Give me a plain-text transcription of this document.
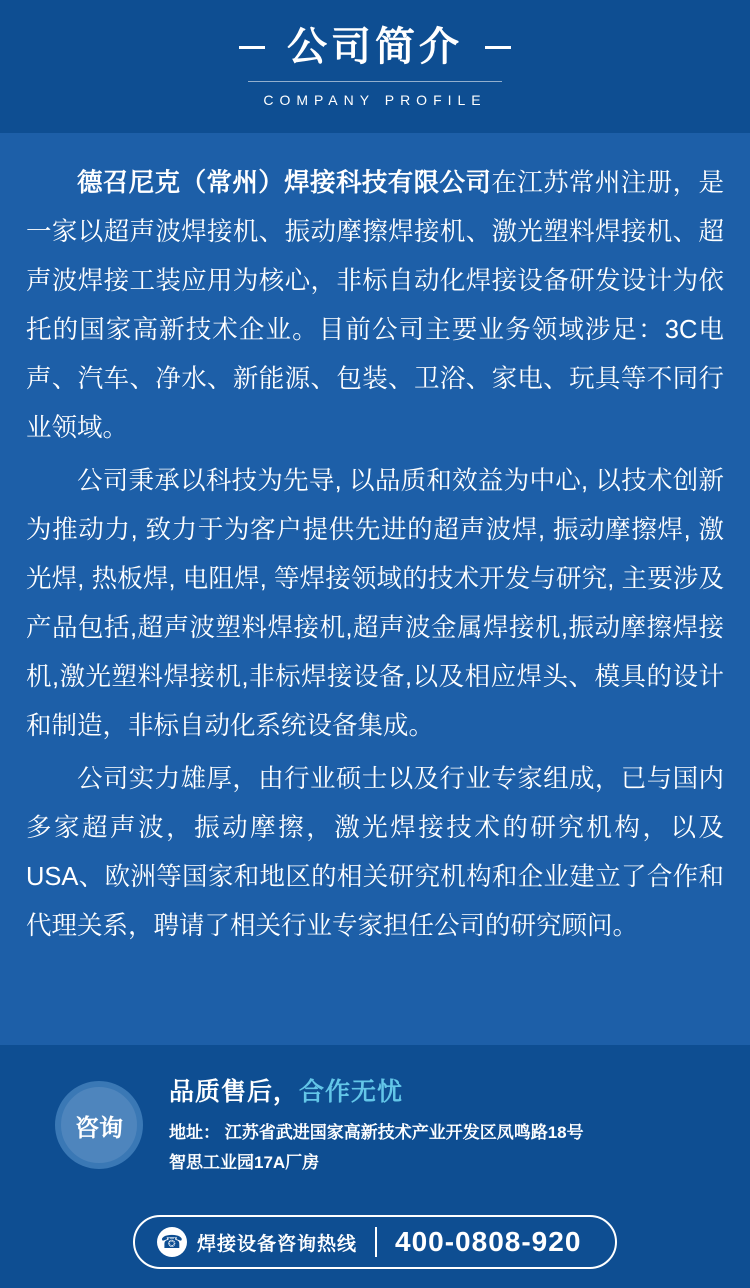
公司简介
COMPANY PROFILE

德召尼克（常州）焊接科技有限公司在江苏常州注册，是一家以超声波焊接机、振动摩擦焊接机、激光塑料焊接机、超声波焊接工装应用为核心，非标自动化焊接设备研发设计为依托的国家高新技术企业。目前公司主要业务领域涉足：3C电声、汽车、净水、新能源、包装、卫浴、家电、玩具等不同行业领域。

公司秉承以科技为先导, 以品质和效益为中心, 以技术创新为推动力, 致力于为客户提供先进的超声波焊, 振动摩擦焊, 激光焊, 热板焊, 电阻焊, 等焊接领域的技术开发与研究, 主要涉及产品包括,超声波塑料焊接机,超声波金属焊接机,振动摩擦焊接机,激光塑料焊接机,非标焊接设备,以及相应焊头、模具的设计和制造，非标自动化系统设备集成。

公司实力雄厚，由行业硕士以及行业专家组成，已与国内多家超声波，振动摩擦，激光焊接技术的研究机构，以及USA、欧洲等国家和地区的相关研究机构和企业建立了合作和代理关系，聘请了相关行业专家担任公司的研究顾问。

咨询
品质售后，合作无忧
地址： 江苏省武进国家高新技术产业开发区凤鸣路18号
智思工业园17A厂房
☎ 焊接设备咨询热线 400-0808-920
